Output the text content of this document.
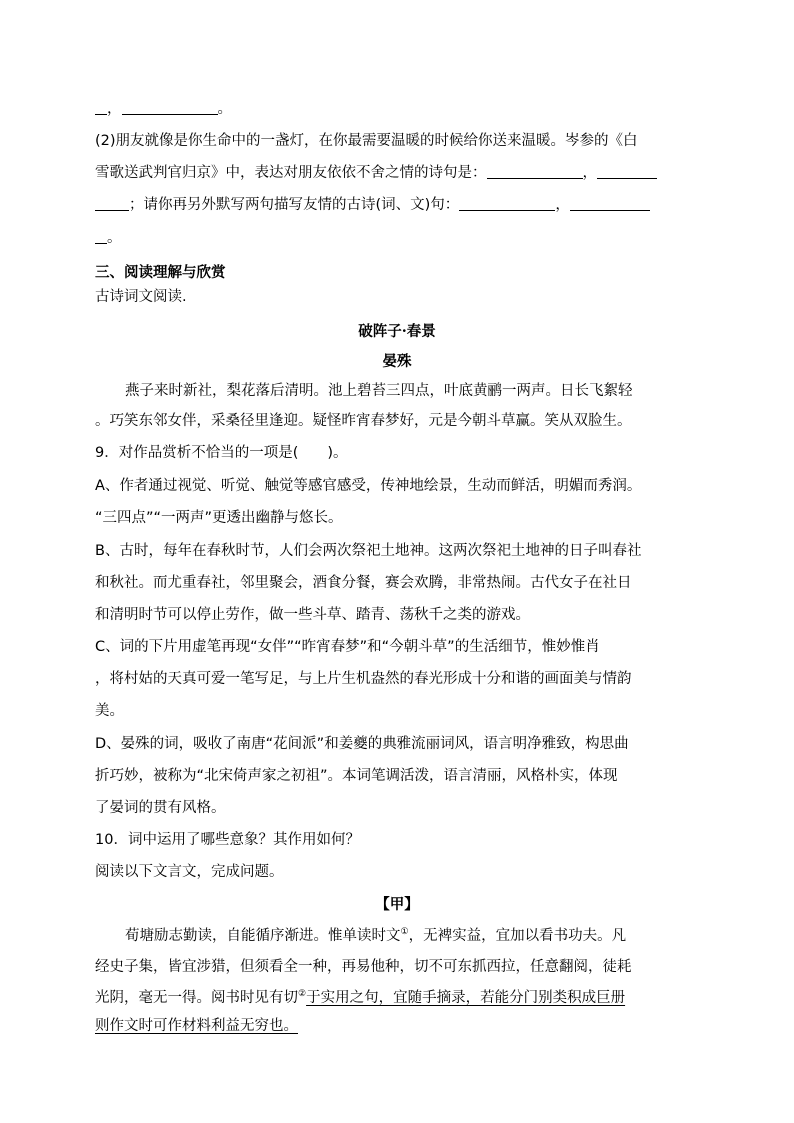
，	。
(2)朋友就像是你生命中的一盏灯，在你最需要温暖的时候给你送来温暖。岑参的《白
雪歌送武判官归京》中，表达对朋友依依不舍之情的诗句是：	，
；请你再另外默写两句描写友情的古诗(词、文)句：	，
。
三、阅读理解与欣赏
古诗词文阅读.
破阵子·春景
晏殊
燕子来时新社，梨花落后清明。池上碧苔三四点，叶底黄鹂一两声。日长飞絮轻
。巧笑东邻女伴，采桑径里逢迎。疑怪昨宵春梦好，元是今朝斗草赢。笑从双脸生。
9．对作品赏析不恰当的一项是(　　)。
A、作者通过视觉、听觉、触觉等感官感受，传神地绘景，生动而鲜活，明媚而秀润。
“三四点”“一两声”更透出幽静与悠长。
B、古时，每年在春秋时节，人们会两次祭祀土地神。这两次祭祀土地神的日子叫春社
和秋社。而尤重春社，邻里聚会，酒食分餐，赛会欢腾，非常热闹。古代女子在社日
和清明时节可以停止劳作，做一些斗草、踏青、荡秋千之类的游戏。
C、词的下片用虚笔再现“女伴”“昨宵春梦”和“今朝斗草”的生活细节，惟妙惟肖
，将村姑的天真可爱一笔写足，与上片生机盎然的春光形成十分和谐的画面美与情韵
美。
D、晏殊的词，吸收了南唐“花间派”和姜夔的典雅流丽词风，语言明净雅致，构思曲
折巧妙，被称为“北宋倚声家之初祖”。本词笔调活泼，语言清丽，风格朴实，体现
了晏词的贯有风格。
10．词中运用了哪些意象？其作用如何？
阅读以下文言文，完成问题。
【甲】
荀塘励志勤读，自能循序渐进。惟单读时文①，无裨实益，宜加以看书功夫。凡
经史子集，皆宜涉猎，但须看全一种，再易他种，切不可东抓西拉，任意翻阅，徒耗
光阴，毫无一得。阅书时见有切②于实用之句，宜随手摘录，若能分门别类积成巨册
则作文时可作材料利益无穷也。
